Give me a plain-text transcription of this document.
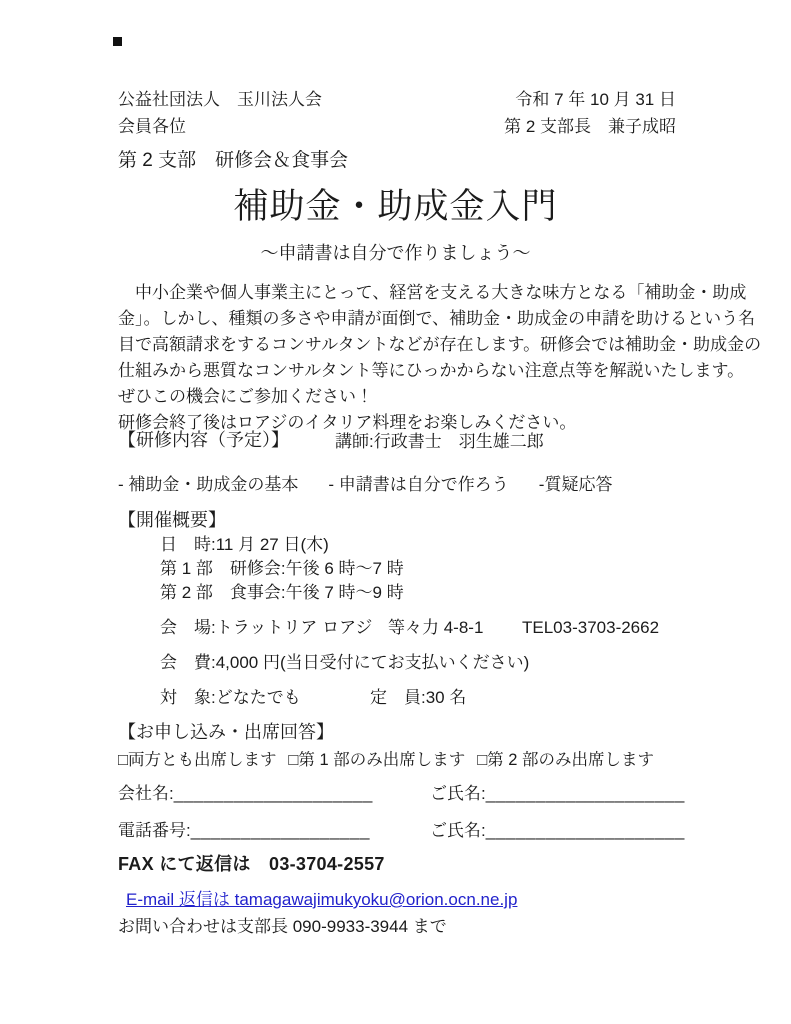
公益社団法人　玉川法人会
会員各位
令和 7 年 10 月 31 日
第 2 支部長　兼子成昭
第 2 支部　研修会＆食事会
補助金・助成金入門
～申請書は自分で作りましょう～
　中小企業や個人事業主にとって、経営を支える大きな味方となる「補助金・助成
金」。しかし、種類の多さや申請が面倒で、補助金・助成金の申請を助けるという名
目で高額請求をするコンサルタントなどが存在します。研修会では補助金・助成金の
仕組みから悪質なコンサルタント等にひっかからない注意点等を解説いたします。
ぜひこの機会にご参加ください！
研修会終了後はロアジのイタリア料理をお楽しみください。
【研修内容（予定）】	講師:行政書士　羽生雄二郎
- 補助金・助成金の基本 - 申請書は自分で作ろう -質疑応答
【開催概要】
日　時:11 月 27 日(木)
第 1 部　研修会:午後 6 時～7 時
第 2 部　食事会:午後 7 時～9 時
会　場:トラットリア ロアジ 等々力 4-8-1 TEL03-3703-2662
会　費:4,000 円(当日受付にてお支払いください)
対　象:どなたでも	定　員:30 名
【お申し込み・出席回答】
□両方とも出席します □第 1 部のみ出席します □第 2 部のみ出席します
会社名:____________________	ご氏名:____________________
電話番号:__________________	ご氏名:____________________
FAX にて返信は　03-3704-2557
E-mail 返信は tamagawajimukyoku@orion.ocn.ne.jp
お問い合わせは支部長 090-9933-3944 まで
